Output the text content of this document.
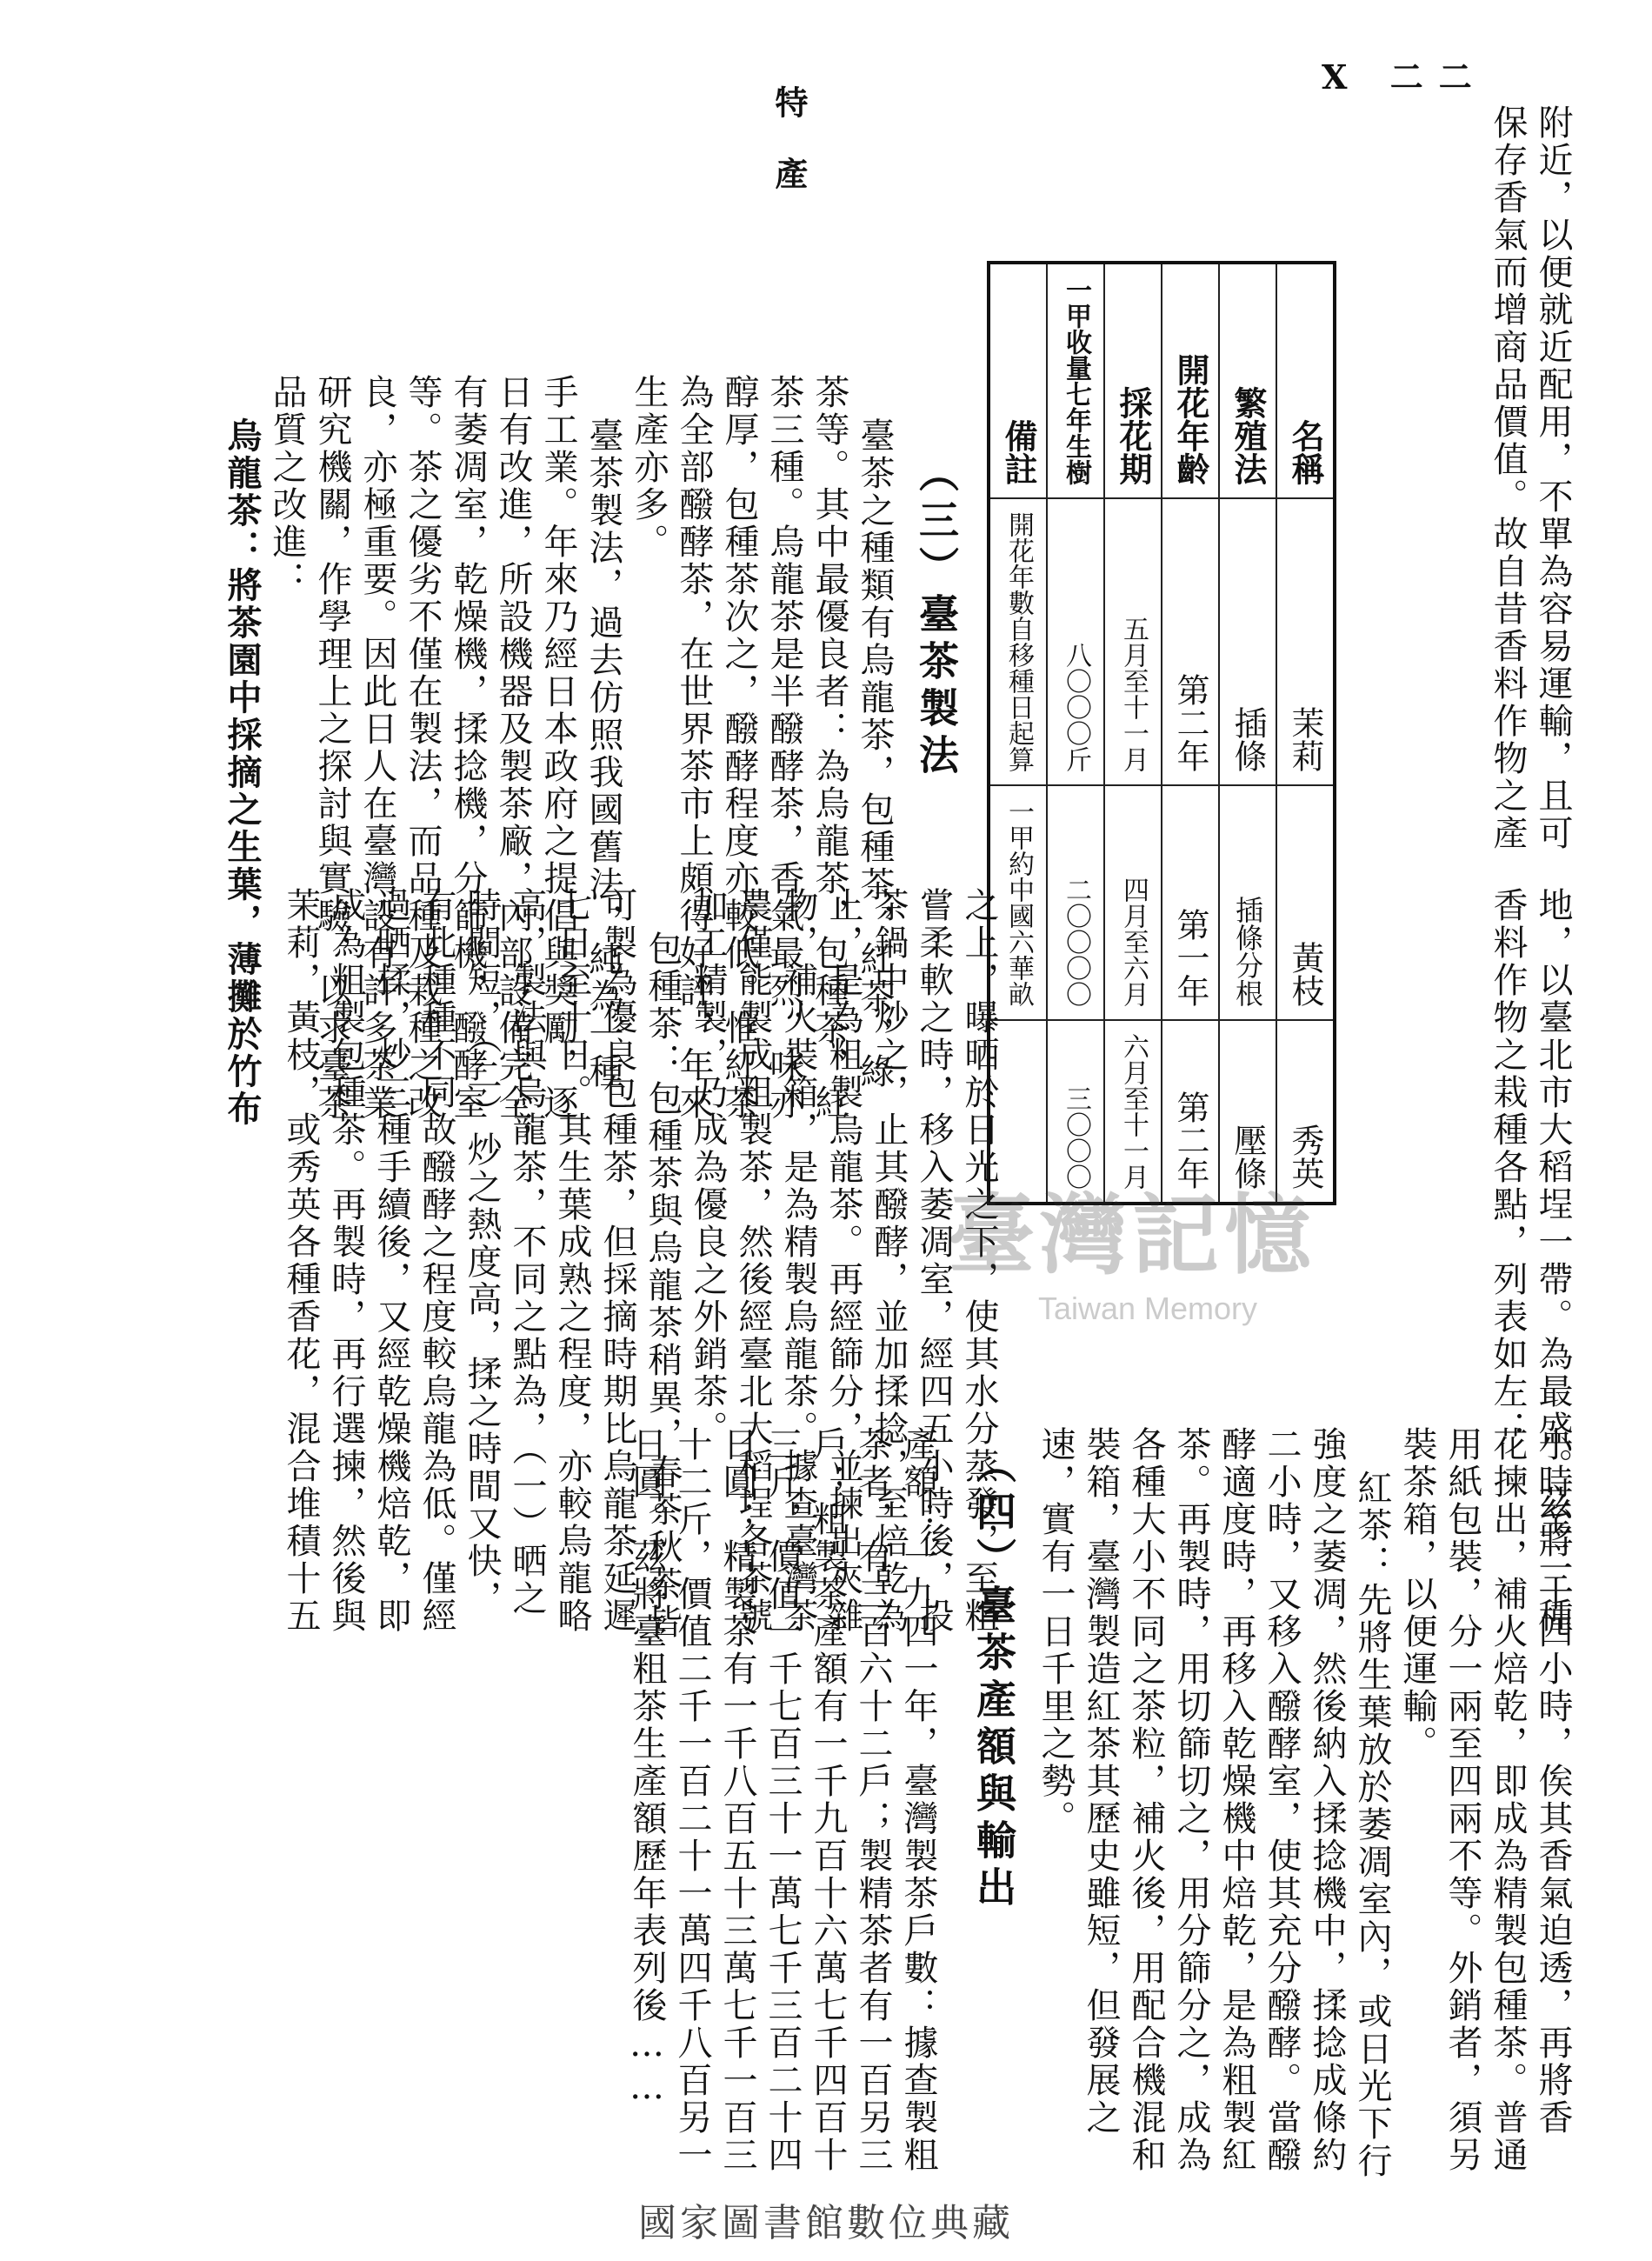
特
產
X 二二
附近，以便就近配用，不單為容易運輸，且可
保存香氣而增商品價值。故自昔香料作物之產
名稱	繁殖法	開花年齡	採花期	一甲收量七年生樹	備註
茉莉	插條	第二年	五月至十一月	八〇〇〇斤	開花年數自移種日起算
黃枝	插條分根	第一年	四月至六月	二〇〇〇〇	一甲約中國六華畝
秀英	壓條	第二年	六月至十一月	三〇〇〇	
（三）臺茶製法
臺茶之種類有烏龍茶，包種茶，紅茶，綠
茶等。其中最優良者：為烏龍茶，包種茶，紅
茶三種。烏龍茶是半醱酵茶，香氣最烈，味亦
醇厚，包種茶次之，醱酵程度亦較低。惟紅茶
為全部醱酵茶，在世界茶市上頗得好評，年來
生產亦多。
臺茶製法，過去仿照我國舊法，純為一種
手工業。年來乃經日本政府之提倡與獎勵，逐
日有改進，所設機器及製茶廠，內部設備完全，
有萎凋室，乾燥機，揉捻機，分篩機，醱酵室
等。茶之優劣不僅在製法，而品種及栽種之改
良，亦極重要。因此日人在臺灣設有許多茶業
研究機關，作學理上之探討與實驗，以求臺茶
品質之改進：
烏龍茶：將茶園中採摘之生葉，薄攤於竹布
地，以臺北市大稻埕一帶。為最盛。茲將三種
香料作物之栽種各點，列表如左：
之上，曝晒於日光之下，使其水分蒸發，至粗
嘗柔軟之時，移入萎凋室，經四五小時後，投
茶鍋中炒之，止其醱酵，並加揉捻，至焙乾為
止，是為粗製烏龍茶。再經篩分，並揀出夾雜
物，補火裝箱，是為精製烏龍茶。據查臺灣茶
農僅能製成粗製茶，然後經臺北大稻埕各茶號
加工精製，乃成為優良之外銷茶。
包種茶：包種茶與烏龍茶稍異，春茶秋茶皆
可製為優良包種茶，但採摘時期比烏龍茶延遲
七日至十日。其生葉成熟之程度，亦較烏龍略
高，製法與烏龍茶，不同之點為，（一）晒之
時間短，（二）炒之熱度高，揉之時間又快，
有此種種不同故醱酵之程度較烏龍為低。僅經
過晒揉，炒三種手續後，又經乾燥機焙乾，即
成為粗製包種茶。再製時，再行選揀，然後與
茉莉，黃枝，或秀英各種香花，混合堆積十五
小時至二十四小時，俟其香氣迫透，再將香
花揀出，補火焙乾，即成為精製包種茶。普通
用紙包裝，分一兩至四兩不等。外銷者，須另
裝茶箱，以便運輸。
紅茶：先將生葉放於萎凋室內，或日光下行
強度之萎凋，然後納入揉捻機中，揉捻成條約
二小時，又移入醱酵室，使其充分醱酵。當醱
酵適度時，再移入乾燥機中焙乾，是為粗製紅
茶。再製時，用切篩切之，用分篩分之，成為
各種大小不同之茶粒，補火後，用配合機混和
裝箱，臺灣製造紅茶其歷史雖短，但發展之
速，實有一日千里之勢。
（四）臺茶產額與輸出
產額：一九四一年，臺灣製茶戶數：據查製粗
茶者，有三百六十二戶；製精茶者有一百另三
戶；粗製茶產額有一千九百十六萬七千四百十
三斤，價值一千七百三十一萬七千三百二十四
日圓；精製茶有一千八百五十三萬七千一百三
十二斤，價值二千一百二十一萬四千八百另一
日圓。茲將臺粗茶生產額歷年表列後……
臺灣記憶
Taiwan Memory
國家圖書館數位典藏
